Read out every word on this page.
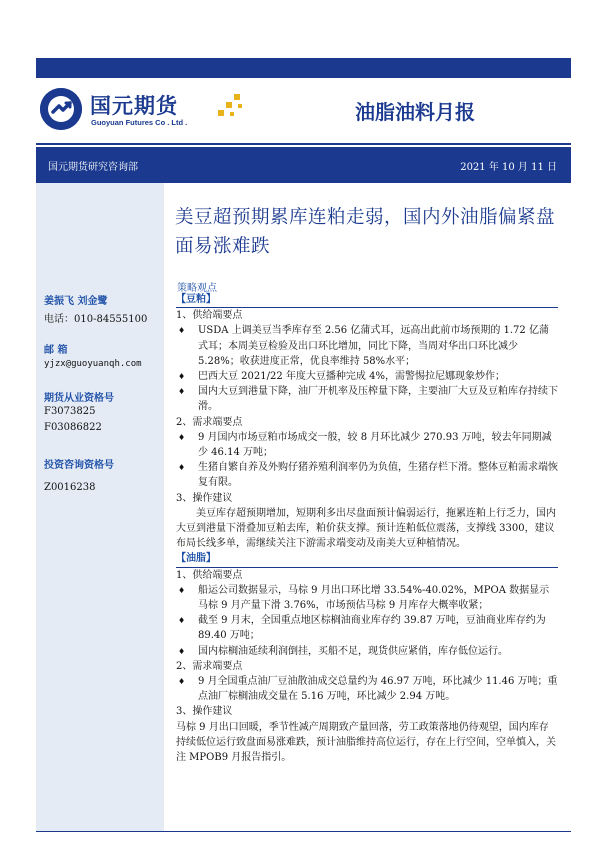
国元期货
Guoyuan Futures Co . Ltd .	油脂油料月报
国元期货研究咨询部	2021 年 10 月 11 日
姜振飞 刘金鹭
电话：010-84555100
邮 箱
yjzx@guoyuanqh.com
期货从业资格号
F3073825
F03086822
投资咨询资格号
Z0016238
美豆超预期累库连粕走弱，国内外油脂偏紧盘面易涨难跌
策略观点
【豆粕】

1、供给端要点

♦ USDA 上调美豆当季库存至 2.56 亿蒲式耳，远高出此前市场预期的 1.72 亿蒲式耳；本周美豆检验及出口环比增加，同比下降，当周对华出口环比减少 5.28%；收获进度正常，优良率维持 58%水平；

♦ 巴西大豆 2021/22 年度大豆播种完成 4%，需警惕拉尼娜现象炒作；

♦ 国内大豆到港量下降，油厂开机率及压榨量下降，主要油厂大豆及豆粕库存持续下滑。

2、需求端要点

♦ 9 月国内市场豆粕市场成交一般，较 8 月环比减少 270.93 万吨，较去年同期减少 46.14 万吨；

♦ 生猪自繁自养及外购仔猪养殖利润率仍为负值，生猪存栏下滑。整体豆粕需求端恢复有限。

3、操作建议

美豆库存超预期增加，短期利多出尽盘面预计偏弱运行，拖累连粕上行乏力，国内大豆到港量下滑叠加豆粕去库，粕价获支撑。预计连粕低位震荡，支撑线 3300，建议布局长线多单，需继续关注下游需求端变动及南美大豆种植情况。

【油脂】

1、供给端要点

♦ 船运公司数据显示，马棕 9 月出口环比增 33.54%-40.02%，MPOA 数据显示马棕 9 月产量下滑 3.76%，市场预估马棕 9 月库存大概率收紧；

♦ 截至 9 月末，全国重点地区棕榈油商业库存约 39.87 万吨，豆油商业库存约为 89.40 万吨；

♦ 国内棕榈油延续利润倒挂，买船不足，现货供应紧俏，库存低位运行。

2、需求端要点

♦ 9 月全国重点油厂豆油散油成交总量约为 46.97 万吨，环比减少 11.46 万吨；重点油厂棕榈油成交量在 5.16 万吨，环比减少 2.94 万吨。

3、操作建议

马棕 9 月出口回暖，季节性减产周期致产量回落，劳工政策落地仍待观望，国内库存持续低位运行致盘面易涨难跌，预计油脂维持高位运行，存在上行空间，空单慎入，关注 MPOB9 月报告指引。
